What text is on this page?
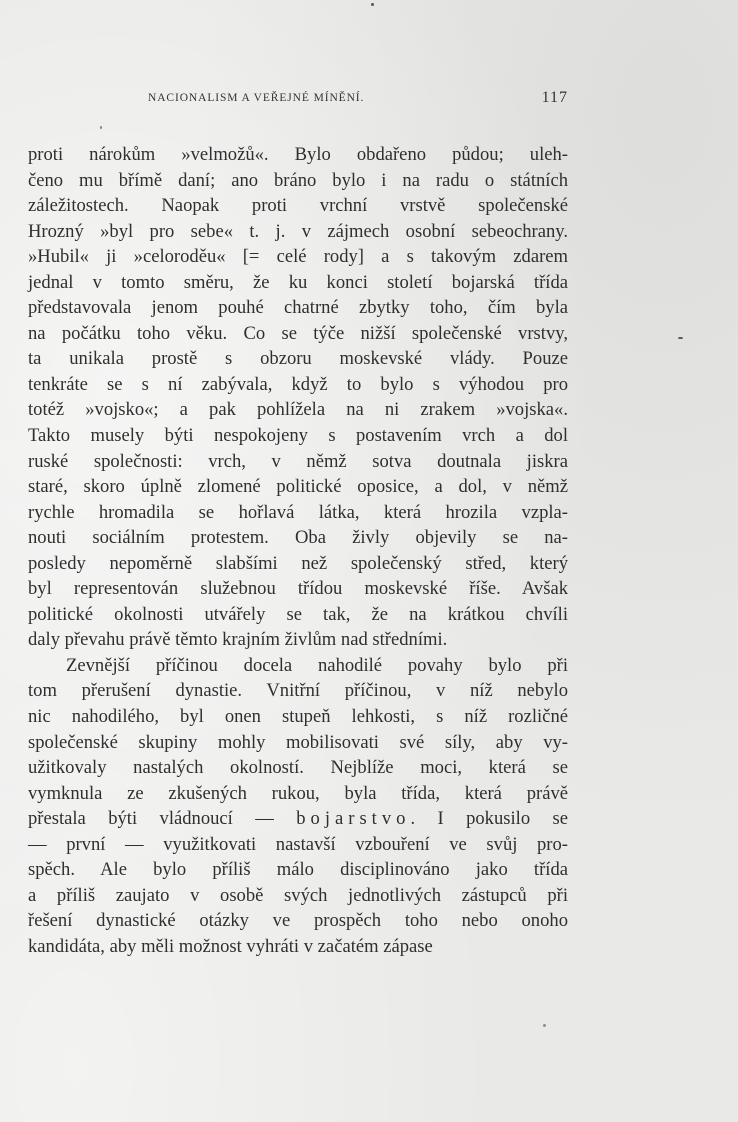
NACIONALISM A VEŘEJNÉ MÍNĚNÍ.	117
proti nárokům »velmožů«. Bylo obdařeno půdou; uleh-
čeno mu břímě daní; ano bráno bylo i na radu o státních
záležitostech. Naopak proti vrchní vrstvě společenské
Hrozný »byl pro sebe« t. j. v zájmech osobní sebeochrany.
»Hubil« ji »celoroděu« [= celé rody] a s takovým zdarem
jednal v tomto směru, že ku konci století bojarská třída
představovala jenom pouhé chatrné zbytky toho, čím byla
na počátku toho věku. Co se týče nižší společenské vrstvy,
ta unikala prostě s obzoru moskevské vlády. Pouze
tenkráte se s ní zabývala, když to bylo s výhodou pro
totéž »vojsko«; a pak pohlížela na ni zrakem »vojska«.
Takto musely býti nespokojeny s postavením vrch a dol
ruské společnosti: vrch, v němž sotva doutnala jiskra
staré, skoro úplně zlomené politické oposice, a dol, v němž
rychle hromadila se hořlavá látka, která hrozila vzpla-
nouti sociálním protestem. Oba živly objevily se na-
posledy nepoměrně slabšími než společenský střed, který
byl representován služebnou třídou moskevské říše. Avšak
politické okolnosti utvářely se tak, že na krátkou chvíli
daly převahu právě těmto krajním živlům nad středními.
Zevnější příčinou docela nahodilé povahy bylo při
tom přerušení dynastie. Vnitřní příčinou, v níž nebylo
nic nahodilého, byl onen stupeň lehkosti, s níž rozličné
společenské skupiny mohly mobilisovati své síly, aby vy-
užitkovaly nastalých okolností. Nejblíže moci, která se
vymknula ze zkušených rukou, byla třída, která právě
přestala býti vládnoucí — bojarstvo. I pokusilo se
— první — využitkovati nastavší vzbouření ve svůj pro-
spěch. Ale bylo příliš málo disciplinováno jako třída
a příliš zaujato v osobě svých jednotlivých zástupců při
řešení dynastické otázky ve prospěch toho nebo onoho
kandidáta, aby měli možnost vyhráti v začatém zápase
